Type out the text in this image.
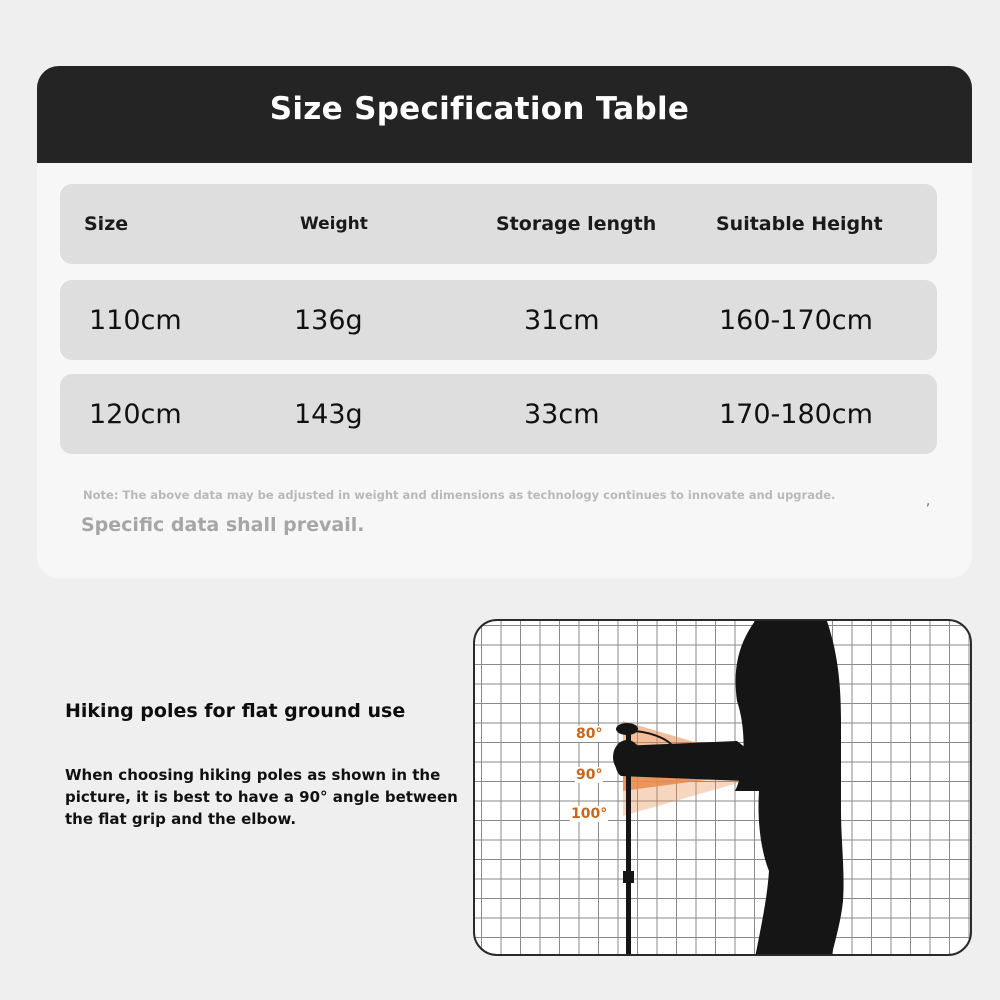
Size Specification Table
Size	Weight	Storage length	Suitable Height
110cm	136g	31cm	160-170cm
120cm	143g	33cm	170-180cm
Note: The above data may be adjusted in weight and dimensions as technology continues to innovate and upgrade.	,
Specific data shall prevail.
Hiking poles for flat ground use
When choosing hiking poles as shown in the picture, it is best to have a 90° angle between the flat grip and the elbow.
80°
90°
100°
